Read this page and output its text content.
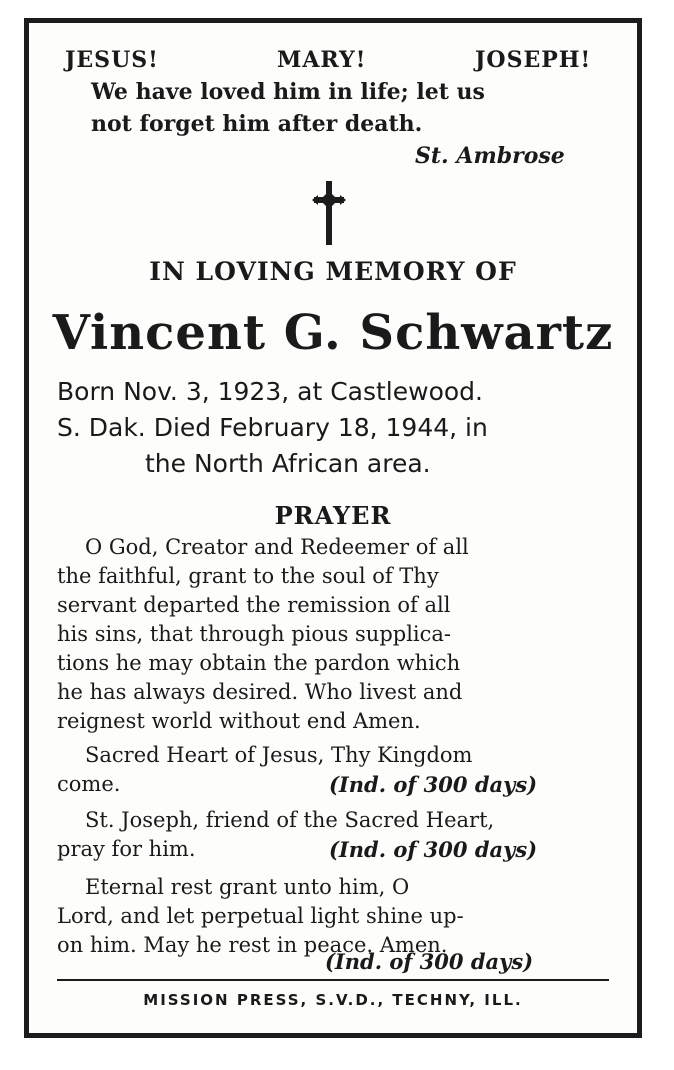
JESUS!	MARY!	JOSEPH!
We have loved him in life; let us
not forget him after death.
St. Ambrose
IN LOVING MEMORY OF
Vincent G. Schwartz
Born Nov. 3, 1923, at Castlewood.
S. Dak. Died February 18, 1944, in
the North African area.
PRAYER
O God, Creator and Redeemer of all
the faithful, grant to the soul of Thy
servant departed the remission of all
his sins, that through pious supplica-
tions he may obtain the pardon which
he has always desired. Who livest and
reignest world without end Amen.
Sacred Heart of Jesus, Thy Kingdom
come.	(Ind. of 300 days)
St. Joseph, friend of the Sacred Heart,
pray for him.	(Ind. of 300 days)
Eternal rest grant unto him, O
Lord, and let perpetual light shine up-
on him. May he rest in peace. Amen.
(Ind. of 300 days)
MISSION PRESS, S.V.D., TECHNY, ILL.
